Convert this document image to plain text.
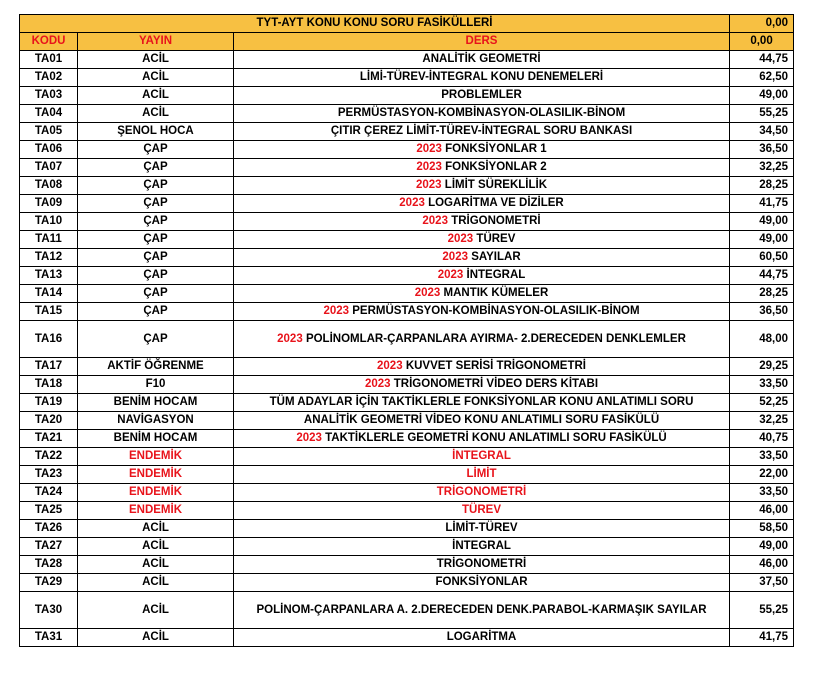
TYT-AYT KONU KONU SORU FASİKÜLLERİ			0,00
KODU	YAYIN	DERS	0,00
TA01	ACİL	ANALİTİK GEOMETRİ	44,75
TA02	ACİL	LİMİ-TÜREV-İNTEGRAL KONU DENEMELERİ	62,50
TA03	ACİL	PROBLEMLER	49,00
TA04	ACİL	PERMÜSTASYON-KOMBİNASYON-OLASILIK-BİNOM	55,25
TA05	ŞENOL HOCA	ÇITIR ÇEREZ LİMİT-TÜREV-İNTEGRAL SORU BANKASI	34,50
TA06	ÇAP	2023 FONKSİYONLAR 1	36,50
TA07	ÇAP	2023 FONKSİYONLAR 2	32,25
TA08	ÇAP	2023 LİMİT SÜREKLİLİK	28,25
TA09	ÇAP	2023 LOGARİTMA VE DİZİLER	41,75
TA10	ÇAP	2023 TRİGONOMETRİ	49,00
TA11	ÇAP	2023 TÜREV	49,00
TA12	ÇAP	2023 SAYILAR	60,50
TA13	ÇAP	2023 İNTEGRAL	44,75
TA14	ÇAP	2023 MANTIK KÜMELER	28,25
TA15	ÇAP	2023 PERMÜSTASYON-KOMBİNASYON-OLASILIK-BİNOM	36,50
TA16	ÇAP	2023 POLİNOMLAR-ÇARPANLARA AYIRMA- 2.DERECEDEN DENKLEMLER	48,00
TA17	AKTİF ÖĞRENME	2023 KUVVET SERİSİ TRİGONOMETRİ	29,25
TA18	F10	2023 TRİGONOMETRİ VİDEO DERS KİTABI	33,50
TA19	BENİM HOCAM	TÜM ADAYLAR İÇİN TAKTİKLERLE FONKSİYONLAR KONU ANLATIMLI SORU	52,25
TA20	NAVİGASYON	ANALİTİK GEOMETRİ VİDEO KONU ANLATIMLI SORU FASİKÜLÜ	32,25
TA21	BENİM HOCAM	2023 TAKTİKLERLE GEOMETRİ KONU ANLATIMLI SORU FASİKÜLÜ	40,75
TA22	ENDEMİK	İNTEGRAL	33,50
TA23	ENDEMİK	LİMİT	22,00
TA24	ENDEMİK	TRİGONOMETRİ	33,50
TA25	ENDEMİK	TÜREV	46,00
TA26	ACİL	LİMİT-TÜREV	58,50
TA27	ACİL	İNTEGRAL	49,00
TA28	ACİL	TRİGONOMETRİ	46,00
TA29	ACİL	FONKSİYONLAR	37,50
TA30	ACİL	POLİNOM-ÇARPANLARA A. 2.DERECEDEN DENK.PARABOL-KARMAŞIK SAYILAR	55,25
TA31	ACİL	LOGARİTMA	41,75
